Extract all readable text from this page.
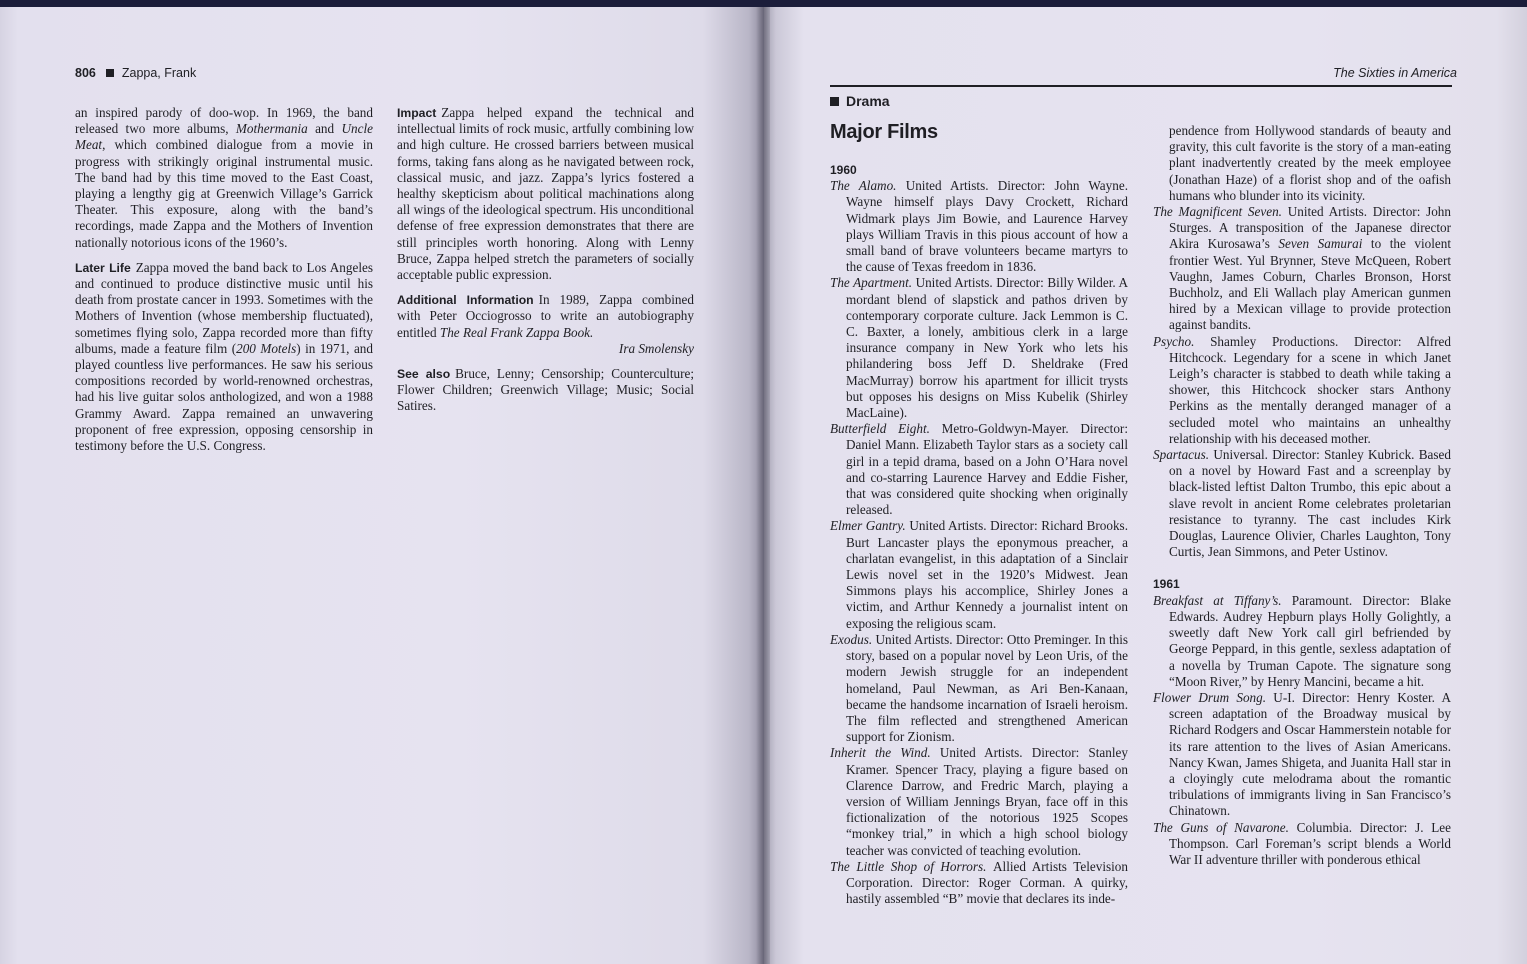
806 Zappa, Frank	The Sixties in America

an inspired parody of doo-wop. In 1969, the band released two more albums, Mothermania and Uncle Meat, which combined dialogue from a movie in progress with strikingly original instrumental music. The band had by this time moved to the East Coast, playing a lengthy gig at Greenwich Village’s Garrick Theater. This exposure, along with the band’s recordings, made Zappa and the Mothers of Invention nationally notorious icons of the 1960’s.

Later Life Zappa moved the band back to Los Angeles and continued to produce distinctive music until his death from prostate cancer in 1993. Sometimes with the Mothers of Invention (whose membership fluctuated), sometimes flying solo, Zappa recorded more than fifty albums, made a feature film (200 Motels) in 1971, and played countless live performances. He saw his serious compositions recorded by world-renowned orchestras, had his live guitar solos anthologized, and won a 1988 Grammy Award. Zappa remained an unwavering proponent of free expression, opposing censorship in testimony before the U.S. Congress.

Impact Zappa helped expand the technical and intellectual limits of rock music, artfully combining low and high culture. He crossed barriers between musical forms, taking fans along as he navigated between rock, classical music, and jazz. Zappa’s lyrics fostered a healthy skepticism about political machinations along all wings of the ideological spectrum. His unconditional defense of free expression demonstrates that there are still principles worth honoring. Along with Lenny Bruce, Zappa helped stretch the parameters of socially acceptable public expression.

Additional Information In 1989, Zappa combined with Peter Occiogrosso to write an autobiography entitled The Real Frank Zappa Book.

Ira Smolensky

See also Bruce, Lenny; Censorship; Counterculture; Flower Children; Greenwich Village; Music; Social Satires.

Drama
Major Films

1960

The Alamo. United Artists. Director: John Wayne. Wayne himself plays Davy Crockett, Richard Widmark plays Jim Bowie, and Laurence Harvey plays William Travis in this pious account of how a small band of brave volunteers became martyrs to the cause of Texas freedom in 1836.

The Apartment. United Artists. Director: Billy Wilder. A mordant blend of slapstick and pathos driven by contemporary corporate culture. Jack Lemmon is C. C. Baxter, a lonely, ambitious clerk in a large insurance company in New York who lets his philandering boss Jeff D. Sheldrake (Fred MacMurray) borrow his apartment for illicit trysts but opposes his designs on Miss Kubelik (Shirley MacLaine).

Butterfield Eight. Metro-Goldwyn-Mayer. Director: Daniel Mann. Elizabeth Taylor stars as a society call girl in a tepid drama, based on a John O’Hara novel and co-starring Laurence Harvey and Eddie Fisher, that was considered quite shocking when originally released.

Elmer Gantry. United Artists. Director: Richard Brooks. Burt Lancaster plays the eponymous preacher, a charlatan evangelist, in this adaptation of a Sinclair Lewis novel set in the 1920’s Midwest. Jean Simmons plays his accomplice, Shirley Jones a victim, and Arthur Kennedy a journalist intent on exposing the religious scam.

Exodus. United Artists. Director: Otto Preminger. In this story, based on a popular novel by Leon Uris, of the modern Jewish struggle for an independent homeland, Paul Newman, as Ari Ben-Kanaan, became the handsome incarnation of Israeli heroism. The film reflected and strengthened American support for Zionism.

Inherit the Wind. United Artists. Director: Stanley Kramer. Spencer Tracy, playing a figure based on Clarence Darrow, and Fredric March, playing a version of William Jennings Bryan, face off in this fictionalization of the notorious 1925 Scopes “monkey trial,” in which a high school biology teacher was convicted of teaching evolution.

The Little Shop of Horrors. Allied Artists Television Corporation. Director: Roger Corman. A quirky, hastily assembled “B” movie that declares its inde-

pendence from Hollywood standards of beauty and gravity, this cult favorite is the story of a man-eating plant inadvertently created by the meek employee (Jonathan Haze) of a florist shop and of the oafish humans who blunder into its vicinity.

The Magnificent Seven. United Artists. Director: John Sturges. A transposition of the Japanese director Akira Kurosawa’s Seven Samurai to the violent frontier West. Yul Brynner, Steve McQueen, Robert Vaughn, James Coburn, Charles Bronson, Horst Buchholz, and Eli Wallach play American gunmen hired by a Mexican village to provide protection against bandits.

Psycho. Shamley Productions. Director: Alfred Hitchcock. Legendary for a scene in which Janet Leigh’s character is stabbed to death while taking a shower, this Hitchcock shocker stars Anthony Perkins as the mentally deranged manager of a secluded motel who maintains an unhealthy relationship with his deceased mother.

Spartacus. Universal. Director: Stanley Kubrick. Based on a novel by Howard Fast and a screenplay by black-listed leftist Dalton Trumbo, this epic about a slave revolt in ancient Rome celebrates proletarian resistance to tyranny. The cast includes Kirk Douglas, Laurence Olivier, Charles Laughton, Tony Curtis, Jean Simmons, and Peter Ustinov.

1961

Breakfast at Tiffany’s. Paramount. Director: Blake Edwards. Audrey Hepburn plays Holly Golightly, a sweetly daft New York call girl befriended by George Peppard, in this gentle, sexless adaptation of a novella by Truman Capote. The signature song “Moon River,” by Henry Mancini, became a hit.

Flower Drum Song. U-I. Director: Henry Koster. A screen adaptation of the Broadway musical by Richard Rodgers and Oscar Hammerstein notable for its rare attention to the lives of Asian Americans. Nancy Kwan, James Shigeta, and Juanita Hall star in a cloyingly cute melodrama about the romantic tribulations of immigrants living in San Francisco’s Chinatown.

The Guns of Navarone. Columbia. Director: J. Lee Thompson. Carl Foreman’s script blends a World War II adventure thriller with ponderous ethical
